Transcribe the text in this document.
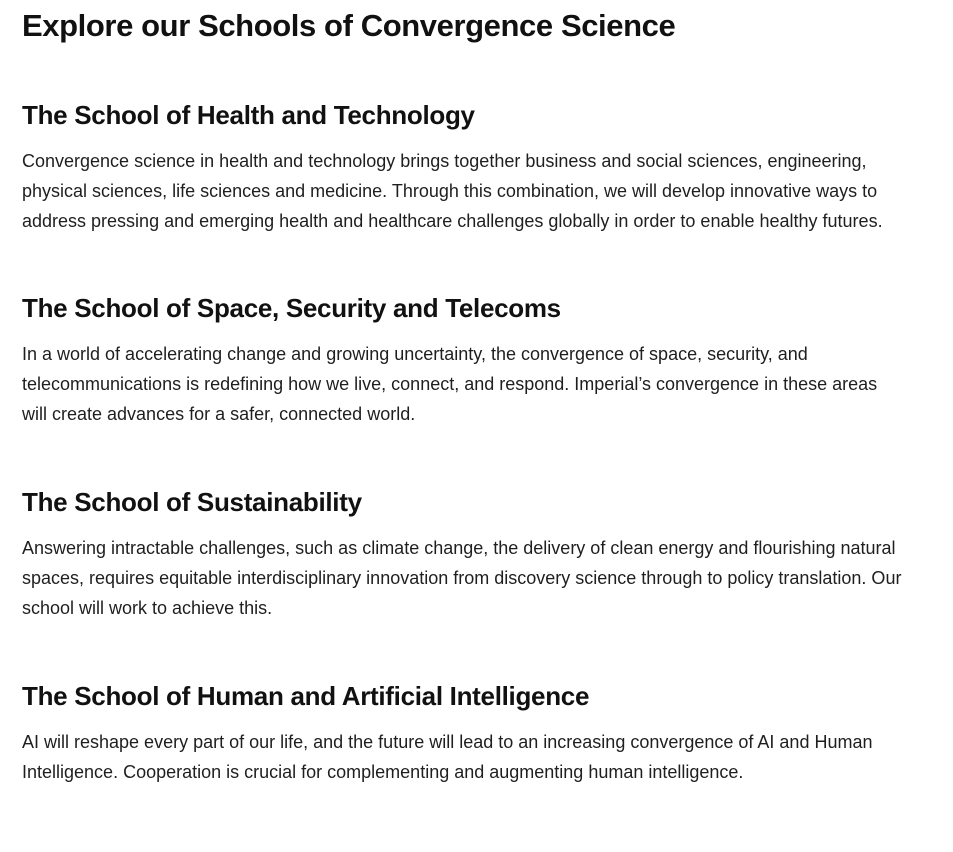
Explore our Schools of Convergence Science
The School of Health and Technology

Convergence science in health and technology brings together business and social sciences, engineering, physical sciences, life sciences and medicine. Through this combination, we will develop innovative ways to address pressing and emerging health and healthcare challenges globally in order to enable healthy futures.

The School of Space, Security and Telecoms

In a world of accelerating change and growing uncertainty, the convergence of space, security, and telecommunications is redefining how we live, connect, and respond. Imperial’s convergence in these areas will create advances for a safer, connected world.

The School of Sustainability

Answering intractable challenges, such as climate change, the delivery of clean energy and flourishing natural spaces, requires equitable interdisciplinary innovation from discovery science through to policy translation. Our school will work to achieve this.

The School of Human and Artificial Intelligence

AI will reshape every part of our life, and the future will lead to an increasing convergence of AI and Human Intelligence. Cooperation is crucial for complementing and augmenting human intelligence.
